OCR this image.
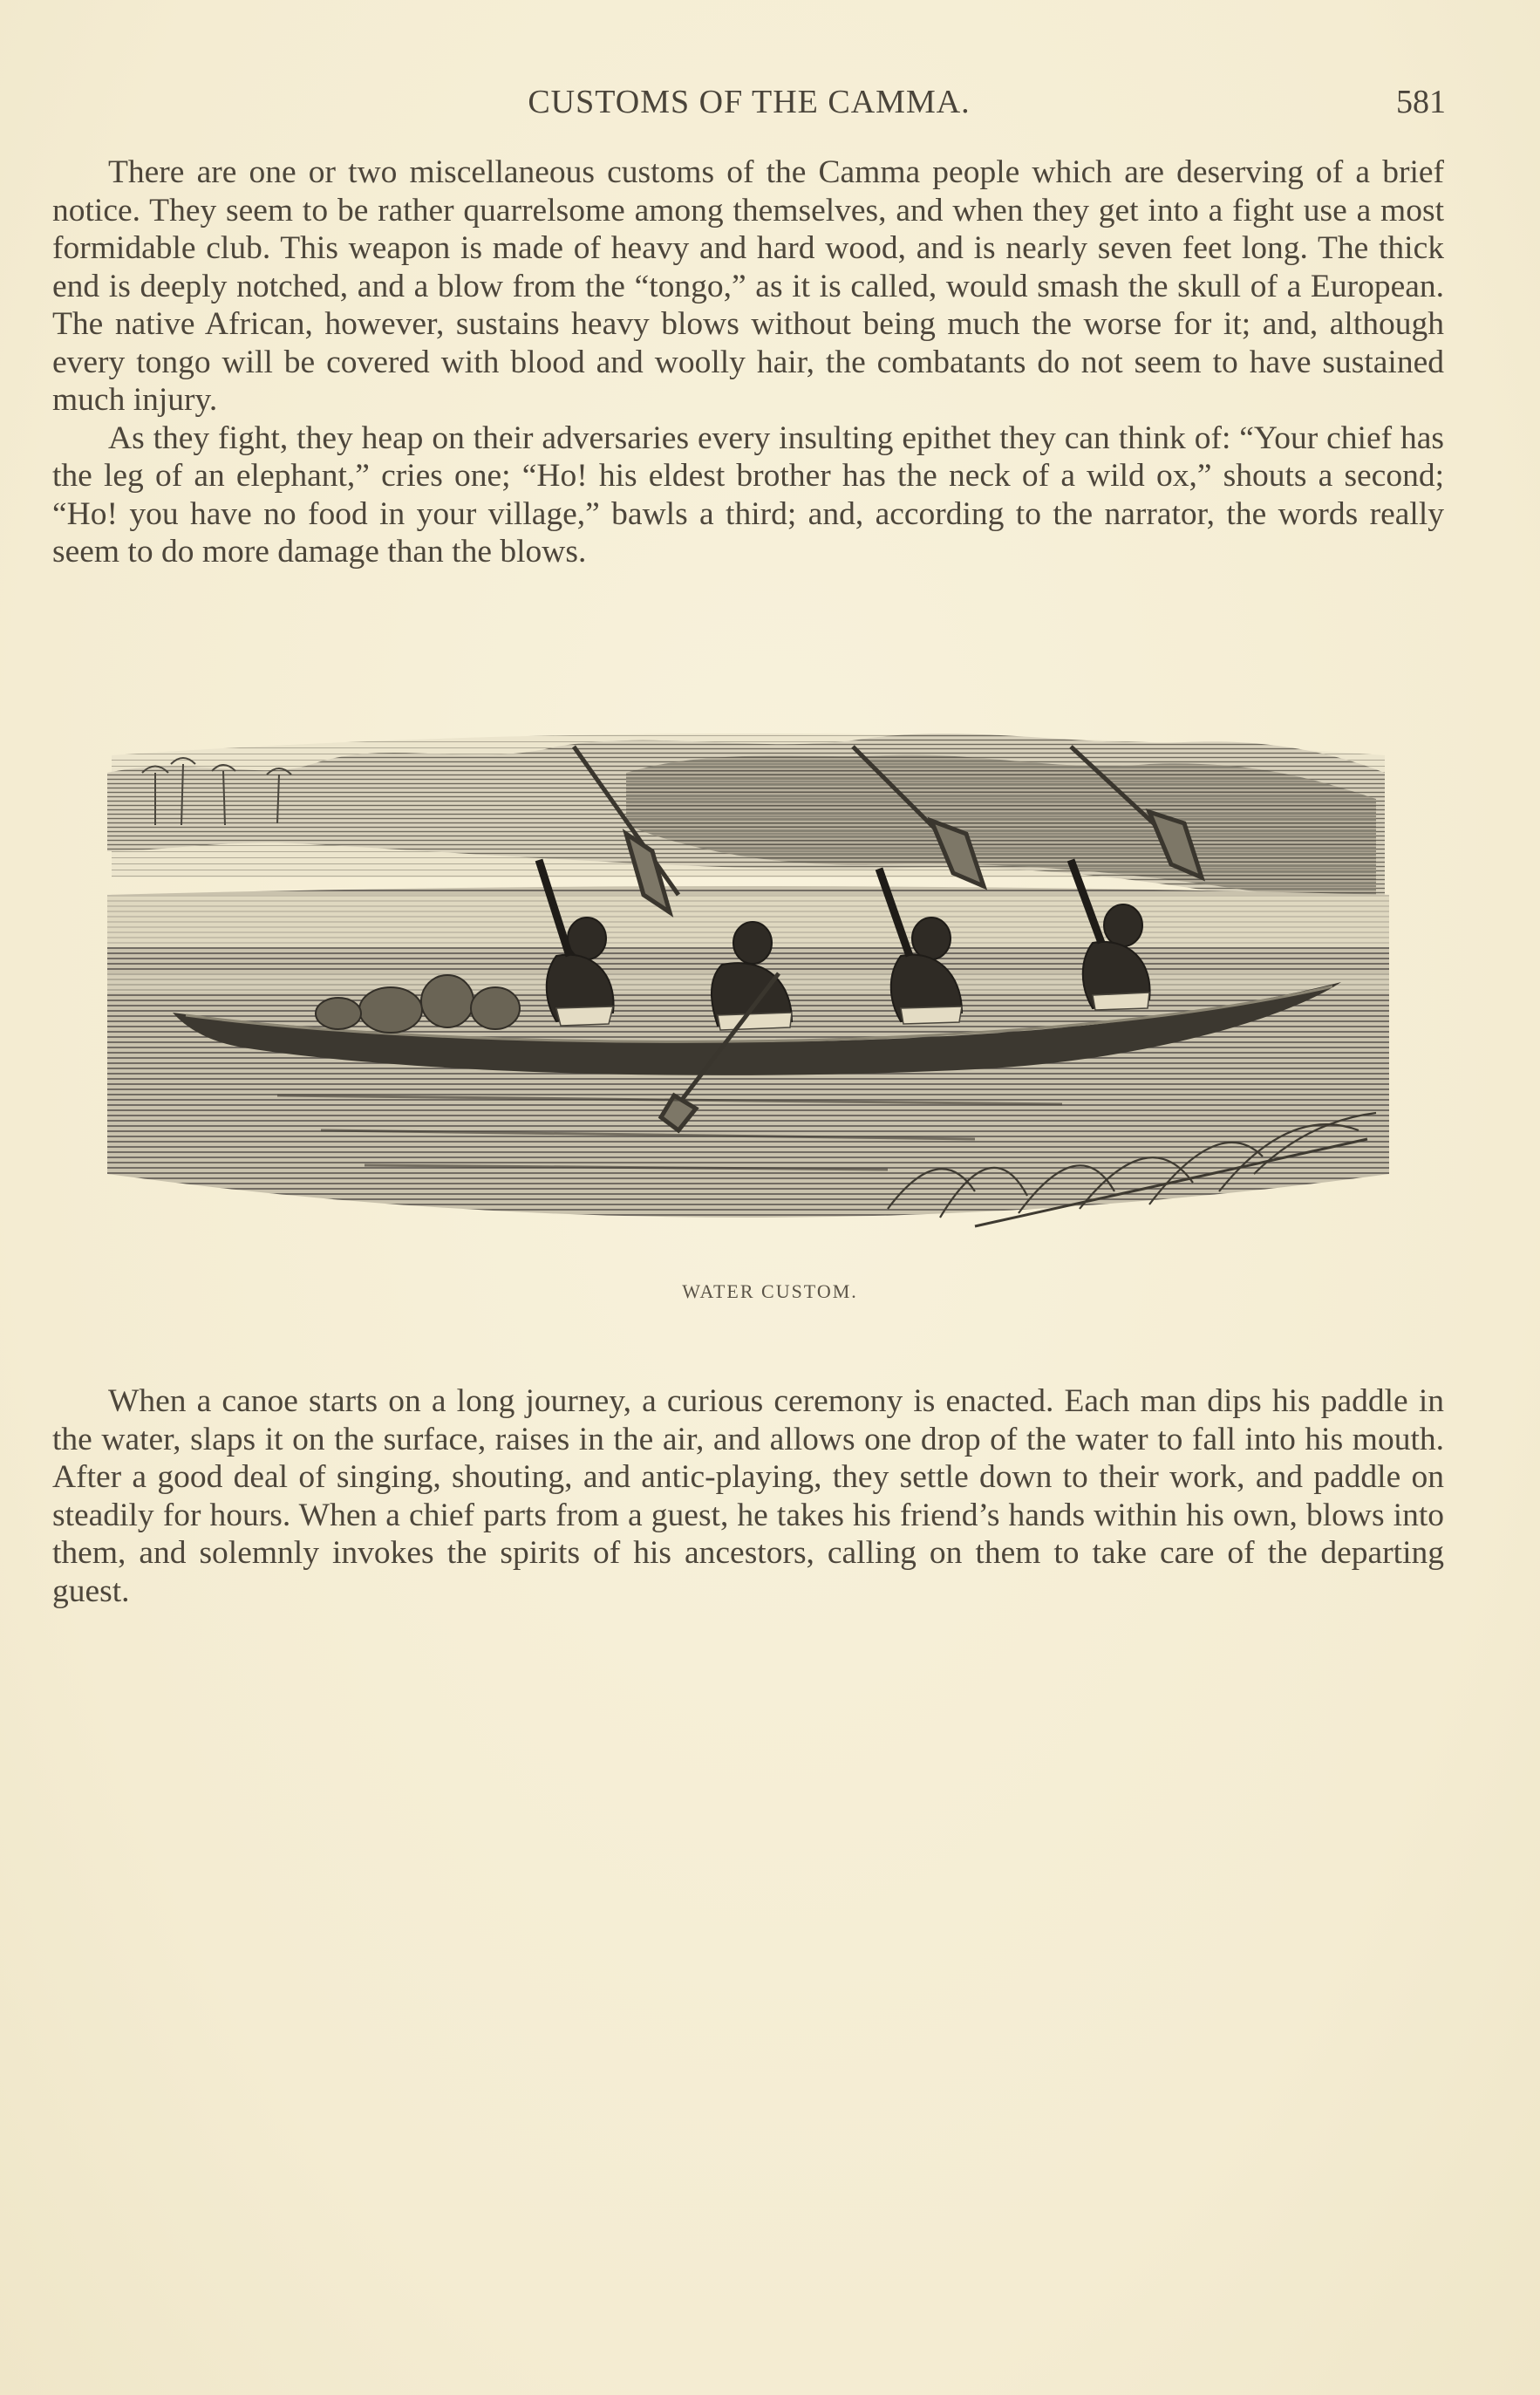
CUSTOMS OF THE CAMMA.	581

There are one or two miscellaneous customs of the Camma people which are deserving of a brief notice. They seem to be rather quarrelsome among themselves, and when they get into a fight use a most formidable club. This weapon is made of heavy and hard wood, and is nearly seven feet long. The thick end is deeply notched, and a blow from the “tongo,” as it is called, would smash the skull of a European. The native African, however, sustains heavy blows without being much the worse for it; and, although every tongo will be covered with blood and woolly hair, the combatants do not seem to have sustained much injury.

As they fight, they heap on their adversaries every insulting epithet they can think of: “Your chief has the leg of an elephant,” cries one; “Ho! his eldest brother has the neck of a wild ox,” shouts a second; “Ho! you have no food in your village,” bawls a third; and, according to the narrator, the words really seem to do more damage than the blows.

WATER CUSTOM.

When a canoe starts on a long journey, a curious ceremony is enacted. Each man dips his paddle in the water, slaps it on the surface, raises in the air, and allows one drop of the water to fall into his mouth. After a good deal of singing, shouting, and antic-playing, they settle down to their work, and paddle on steadily for hours. When a chief parts from a guest, he takes his friend’s hands within his own, blows into them, and solemnly invokes the spirits of his ancestors, calling on them to take care of the departing guest.
